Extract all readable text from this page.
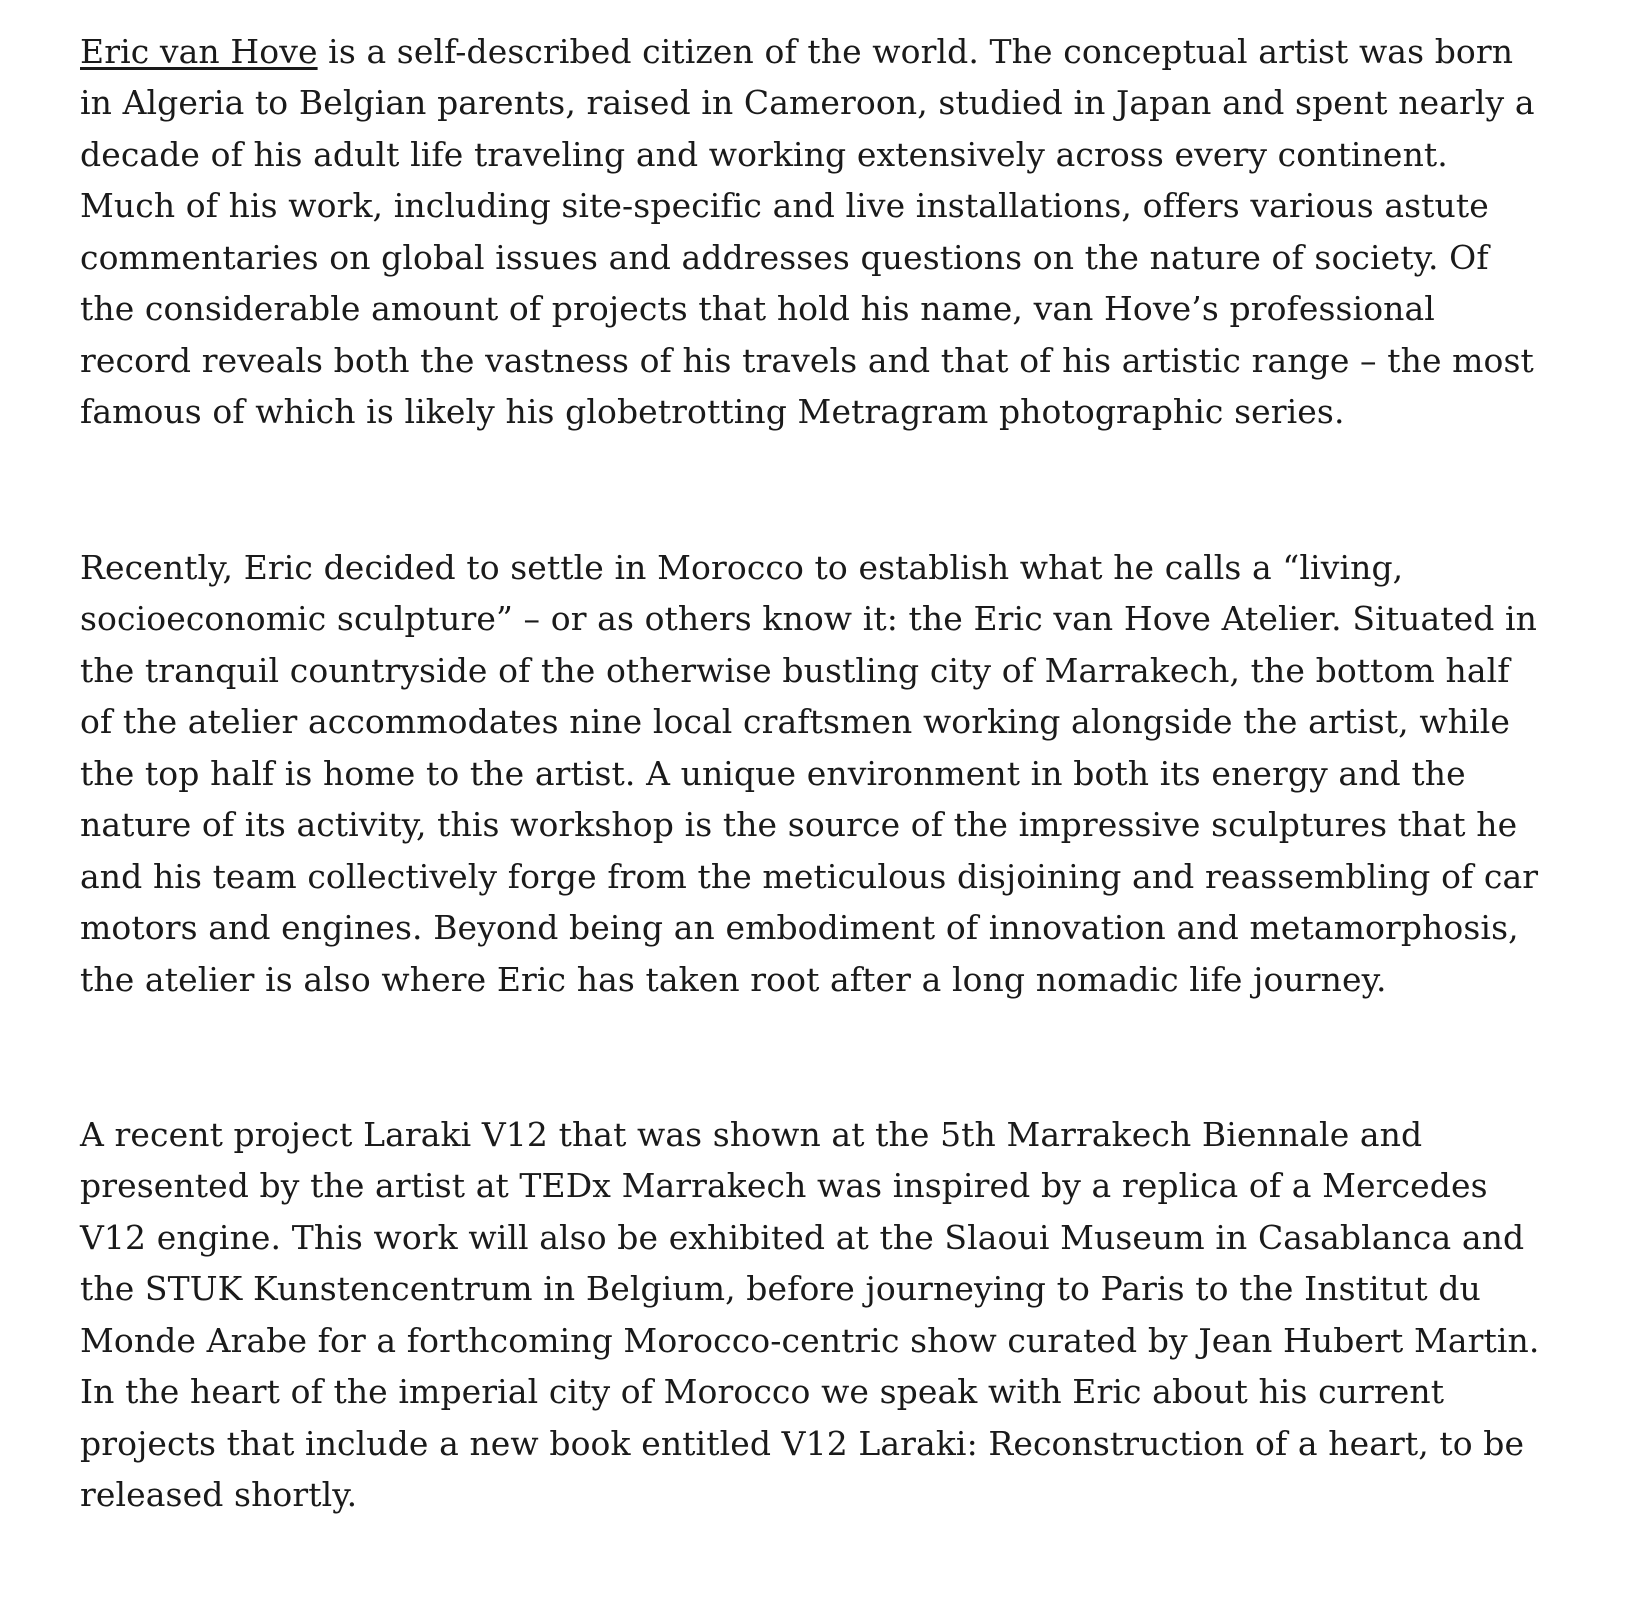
Eric van Hove is a self-described citizen of the world. The conceptual artist was born in Algeria to Belgian parents, raised in Cameroon, studied in Japan and spent nearly a decade of his adult life traveling and working extensively across every continent. Much of his work, including site-specific and live installations, offers various astute commentaries on global issues and addresses questions on the nature of society. Of the considerable amount of projects that hold his name, van Hove’s professional record reveals both the vastness of his travels and that of his artistic range – the most famous of which is likely his globetrotting Metragram photographic series.

Recently, Eric decided to settle in Morocco to establish what he calls a “living, socioeconomic sculpture” – or as others know it: the Eric van Hove Atelier. Situated in the tranquil countryside of the otherwise bustling city of Marrakech, the bottom half of the atelier accommodates nine local craftsmen working alongside the artist, while the top half is home to the artist. A unique environment in both its energy and the nature of its activity, this workshop is the source of the impressive sculptures that he and his team collectively forge from the meticulous disjoining and reassembling of car motors and engines. Beyond being an embodiment of innovation and metamorphosis, the atelier is also where Eric has taken root after a long nomadic life journey.

A recent project Laraki V12 that was shown at the 5th Marrakech Biennale and presented by the artist at TEDx Marrakech was inspired by a replica of a Mercedes V12 engine. This work will also be exhibited at the Slaoui Museum in Casablanca and the STUK Kunstencentrum in Belgium, before journeying to Paris to the Institut du Monde Arabe for a forthcoming Morocco-centric show curated by Jean Hubert Martin. In the heart of the imperial city of Morocco we speak with Eric about his current projects that include a new book entitled V12 Laraki: Reconstruction of a heart, to be released shortly.
